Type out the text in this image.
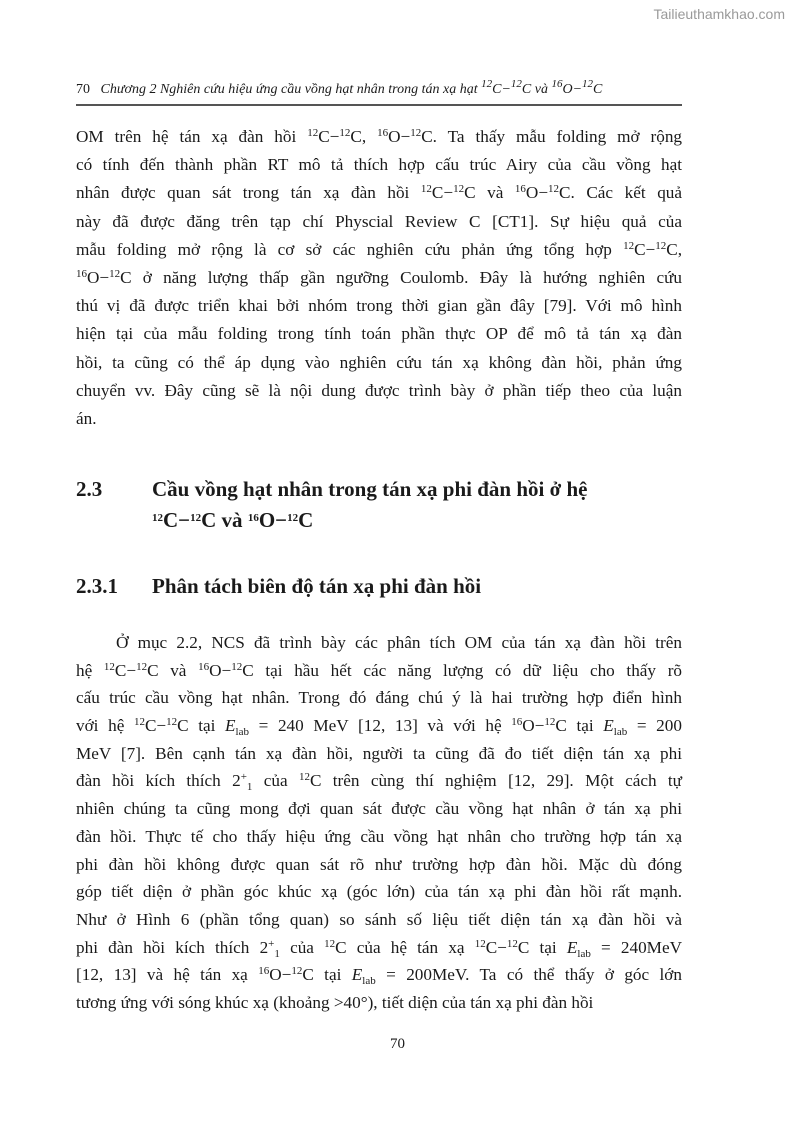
Tailieuthamkhao.com
70 Chương 2 Nghiên cứu hiệu ứng cầu vồng hạt nhân trong tán xạ hạt $^{12}$C−$^{12}$C và $^{16}$O−$^{12}$C
OM trên hệ tán xạ đàn hồi $^{12}$C−$^{12}$C, $^{16}$O−$^{12}$C. Ta thấy mẫu folding mở rộng
có tính đến thành phần RT mô tả thích hợp cấu trúc Airy của cầu vồng hạt
nhân được quan sát trong tán xạ đàn hồi $^{12}$C−$^{12}$C và $^{16}$O−$^{12}$C. Các kết quả
này đã được đăng trên tạp chí Physcial Review C [CT1]. Sự hiệu quả của
mẫu folding mở rộng là cơ sở các nghiên cứu phản ứng tổng hợp $^{12}$C−$^{12}$C,
$^{16}$O−$^{12}$C ở năng lượng thấp gần ngưỡng Coulomb. Đây là hướng nghiên cứu
thú vị đã được triển khai bởi nhóm trong thời gian gần đây [79]. Với mô hình
hiện tại của mẫu folding trong tính toán phần thực OP để mô tả tán xạ đàn
hồi, ta cũng có thể áp dụng vào nghiên cứu tán xạ không đàn hồi, phản ứng
chuyển vv. Đây cũng sẽ là nội dung được trình bày ở phần tiếp theo của luận
án.
2.3 Cầu vồng hạt nhân trong tán xạ phi đàn hồi ở hệ
$^{12}$C−$^{12}$C và $^{16}$O−$^{12}$C
2.3.1 Phân tách biên độ tán xạ phi đàn hồi
Ở mục 2.2, NCS đã trình bày các phân tích OM của tán xạ đàn hồi trên
hệ $^{12}$C−$^{12}$C và $^{16}$O−$^{12}$C tại hầu hết các năng lượng có dữ liệu cho thấy rõ
cấu trúc cầu vồng hạt nhân. Trong đó đáng chú ý là hai trường hợp điển hình
với hệ $^{12}$C−$^{12}$C tại $E_{lab} = 240$ MeV [12, 13] và với hệ $^{16}$O−$^{12}$C tại $E_{lab} = 200$
MeV [7]. Bên cạnh tán xạ đàn hồi, người ta cũng đã đo tiết diện tán xạ phi
đàn hồi kích thích $2^+_1$ của $^{12}$C trên cùng thí nghiệm [12, 29]. Một cách tự
nhiên chúng ta cũng mong đợi quan sát được cầu vồng hạt nhân ở tán xạ phi
đàn hồi. Thực tế cho thấy hiệu ứng cầu vồng hạt nhân cho trường hợp tán xạ
phi đàn hồi không được quan sát rõ như trường hợp đàn hồi. Mặc dù đóng
góp tiết diện ở phần góc khúc xạ (góc lớn) của tán xạ phi đàn hồi rất mạnh.
Như ở Hình 6 (phần tổng quan) so sánh số liệu tiết diện tán xạ đàn hồi và
phi đàn hồi kích thích $2^+_1$ của $^{12}$C của hệ tán xạ $^{12}$C−$^{12}$C tại $E_{lab} = 240MeV$
[12, 13] và hệ tán xạ $^{16}$O−$^{12}$C tại $E_{lab} = 200MeV$. Ta có thể thấy ở góc lớn
tương ứng với sóng khúc xạ (khoảng >40°), tiết diện của tán xạ phi đàn hồi
70
